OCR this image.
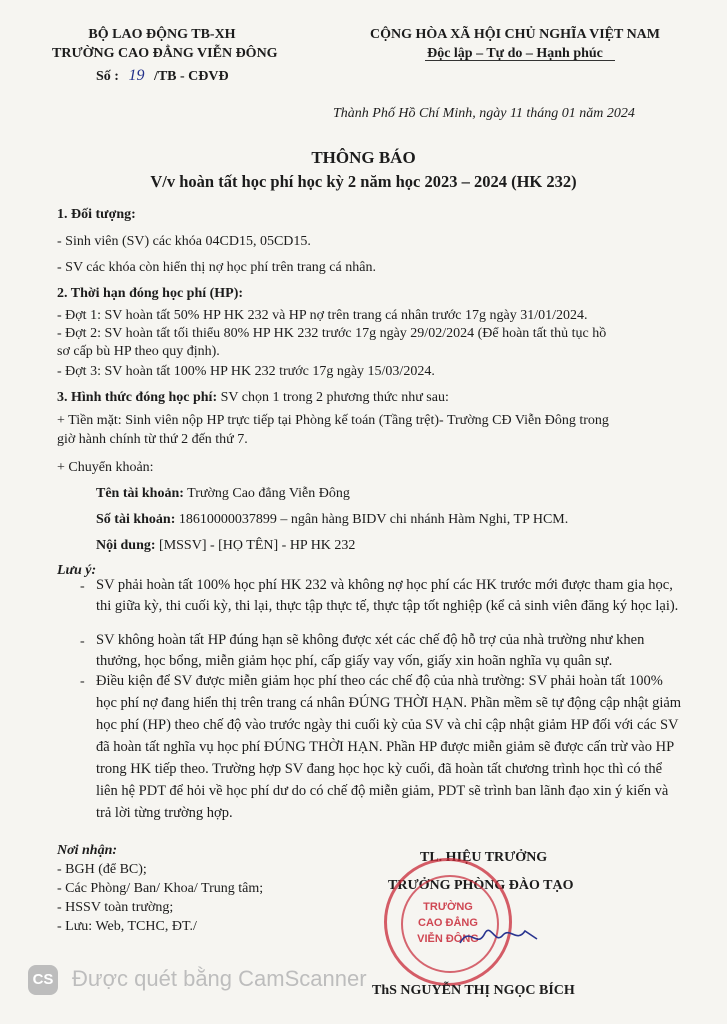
BỘ LAO ĐỘNG TB-XH
TRƯỜNG CAO ĐẲNG VIỄN ĐÔNG
Số : 19 /TB - CĐVĐ
CỘNG HÒA XÃ HỘI CHỦ NGHĨA VIỆT NAM
Độc lập – Tự do – Hạnh phúc
Thành Phố Hồ Chí Minh, ngày 11 tháng 01 năm 2024
THÔNG BÁO
V/v hoàn tất học phí học kỳ 2 năm học 2023 – 2024 (HK 232)
1. Đối tượng:
- Sinh viên (SV) các khóa 04CD15, 05CD15.
- SV các khóa còn hiển thị nợ học phí trên trang cá nhân.
2. Thời hạn đóng học phí (HP):
- Đợt 1: SV hoàn tất 50% HP HK 232 và HP nợ trên trang cá nhân trước 17g ngày 31/01/2024.
- Đợt 2: SV hoàn tất tối thiểu 80% HP HK 232 trước 17g ngày 29/02/2024 (Để hoàn tất thủ tục hồ
sơ cấp bù HP theo quy định).
- Đợt 3: SV hoàn tất 100% HP HK 232 trước 17g ngày 15/03/2024.
3. Hình thức đóng học phí: SV chọn 1 trong 2 phương thức như sau:
+ Tiền mặt: Sinh viên nộp HP trực tiếp tại Phòng kế toán (Tầng trệt)- Trường CĐ Viễn Đông trong
giờ hành chính từ thứ 2 đến thứ 7.
+ Chuyển khoản:
Tên tài khoản: Trường Cao đẳng Viễn Đông
Số tài khoản: 18610000037899 – ngân hàng BIDV chi nhánh Hàm Nghi, TP HCM.
Nội dung: [MSSV] - [HỌ TÊN] - HP HK 232
Lưu ý:
- SV phải hoàn tất 100% học phí HK 232 và không nợ học phí các HK trước mới được tham gia học, thi giữa kỳ, thi cuối kỳ, thi lại, thực tập thực tế, thực tập tốt nghiệp (kể cả sinh viên đăng ký học lại).
- SV không hoàn tất HP đúng hạn sẽ không được xét các chế độ hỗ trợ của nhà trường như khen thưởng, học bổng, miễn giảm học phí, cấp giấy vay vốn, giấy xin hoãn nghĩa vụ quân sự.
- Điều kiện để SV được miễn giảm học phí theo các chế độ của nhà trường: SV phải hoàn tất 100% học phí nợ đang hiển thị trên trang cá nhân ĐÚNG THỜI HẠN. Phần mềm sẽ tự động cập nhật giảm học phí (HP) theo chế độ vào trước ngày thi cuối kỳ của SV và chỉ cập nhật giảm HP đối với các SV đã hoàn tất nghĩa vụ học phí ĐÚNG THỜI HẠN. Phần HP được miễn giảm sẽ được cấn trừ vào HP trong HK tiếp theo. Trường hợp SV đang học học kỳ cuối, đã hoàn tất chương trình học thì có thể liên hệ PDT để hỏi về học phí dư do có chế độ miễn giảm, PDT sẽ trình ban lãnh đạo xin ý kiến và trả lời từng trường hợp.
Nơi nhận:
- BGH (để BC);
- Các Phòng/ Ban/ Khoa/ Trung tâm;
- HSSV toàn trường;
- Lưu: Web, TCHC, ĐT./
TL. HIỆU TRƯỞNG
TRƯỞNG PHÒNG ĐÀO TẠO
TRƯỜNG
CAO ĐẲNG
VIỄN ĐÔNG
ThS NGUYỄN THỊ NGỌC BÍCH
CS Được quét bằng CamScanner
